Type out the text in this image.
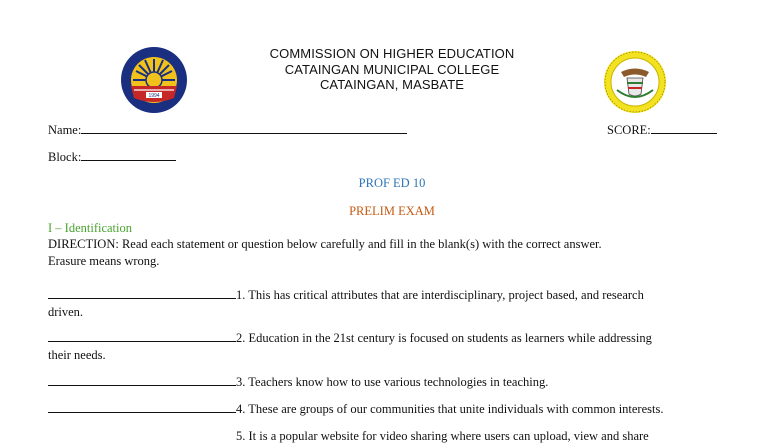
1994
COMMISSION ON HIGHER EDUCATION
CATAINGAN MUNICIPAL COLLEGE
CATAINGAN, MASBATE
Name:	SCORE:
Block:
PROF ED 10
PRELIM EXAM
I – Identification
DIRECTION: Read each statement or question below carefully and fill in the blank(s) with the correct answer.
Erasure means wrong.
1. This has critical attributes that are interdisciplinary, project based, and research
driven.
2. Education in the 21st century is focused on students as learners while addressing
their needs.
3. Teachers know how to use various technologies in teaching.
4. These are groups of our communities that unite individuals with common interests.
5. It is a popular website for video sharing where users can upload, view and share
